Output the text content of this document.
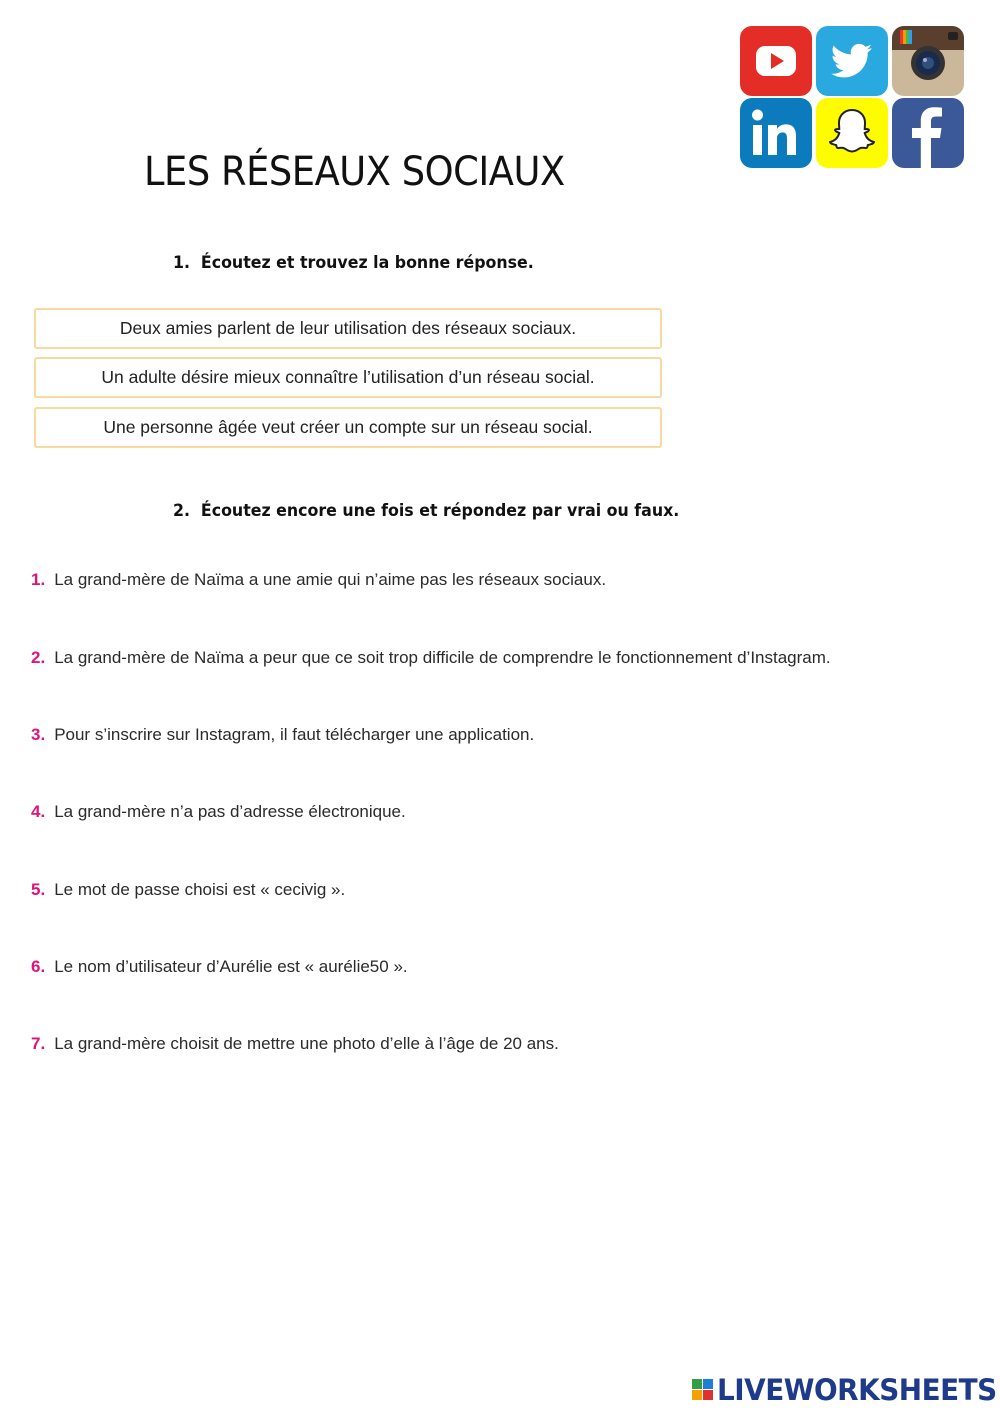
LES RÉSEAUX SOCIAUX
1. Écoutez et trouvez la bonne réponse.
Deux amies parlent de leur utilisation des réseaux sociaux.
Un adulte désire mieux connaître l’utilisation d’un réseau social.
Une personne âgée veut créer un compte sur un réseau social.
2. Écoutez encore une fois et répondez par vrai ou faux.
1. La grand-mère de Naïma a une amie qui n’aime pas les réseaux sociaux.
2. La grand-mère de Naïma a peur que ce soit trop difficile de comprendre le fonctionnement d’Instagram.
3. Pour s’inscrire sur Instagram, il faut télécharger une application.
4. La grand-mère n’a pas d’adresse électronique.
5. Le mot de passe choisi est « cecivig ».
6. Le nom d’utilisateur d’Aurélie est « aurélie50 ».
7. La grand-mère choisit de mettre une photo d’elle à l’âge de 20 ans.
LIVEWORKSHEETS
